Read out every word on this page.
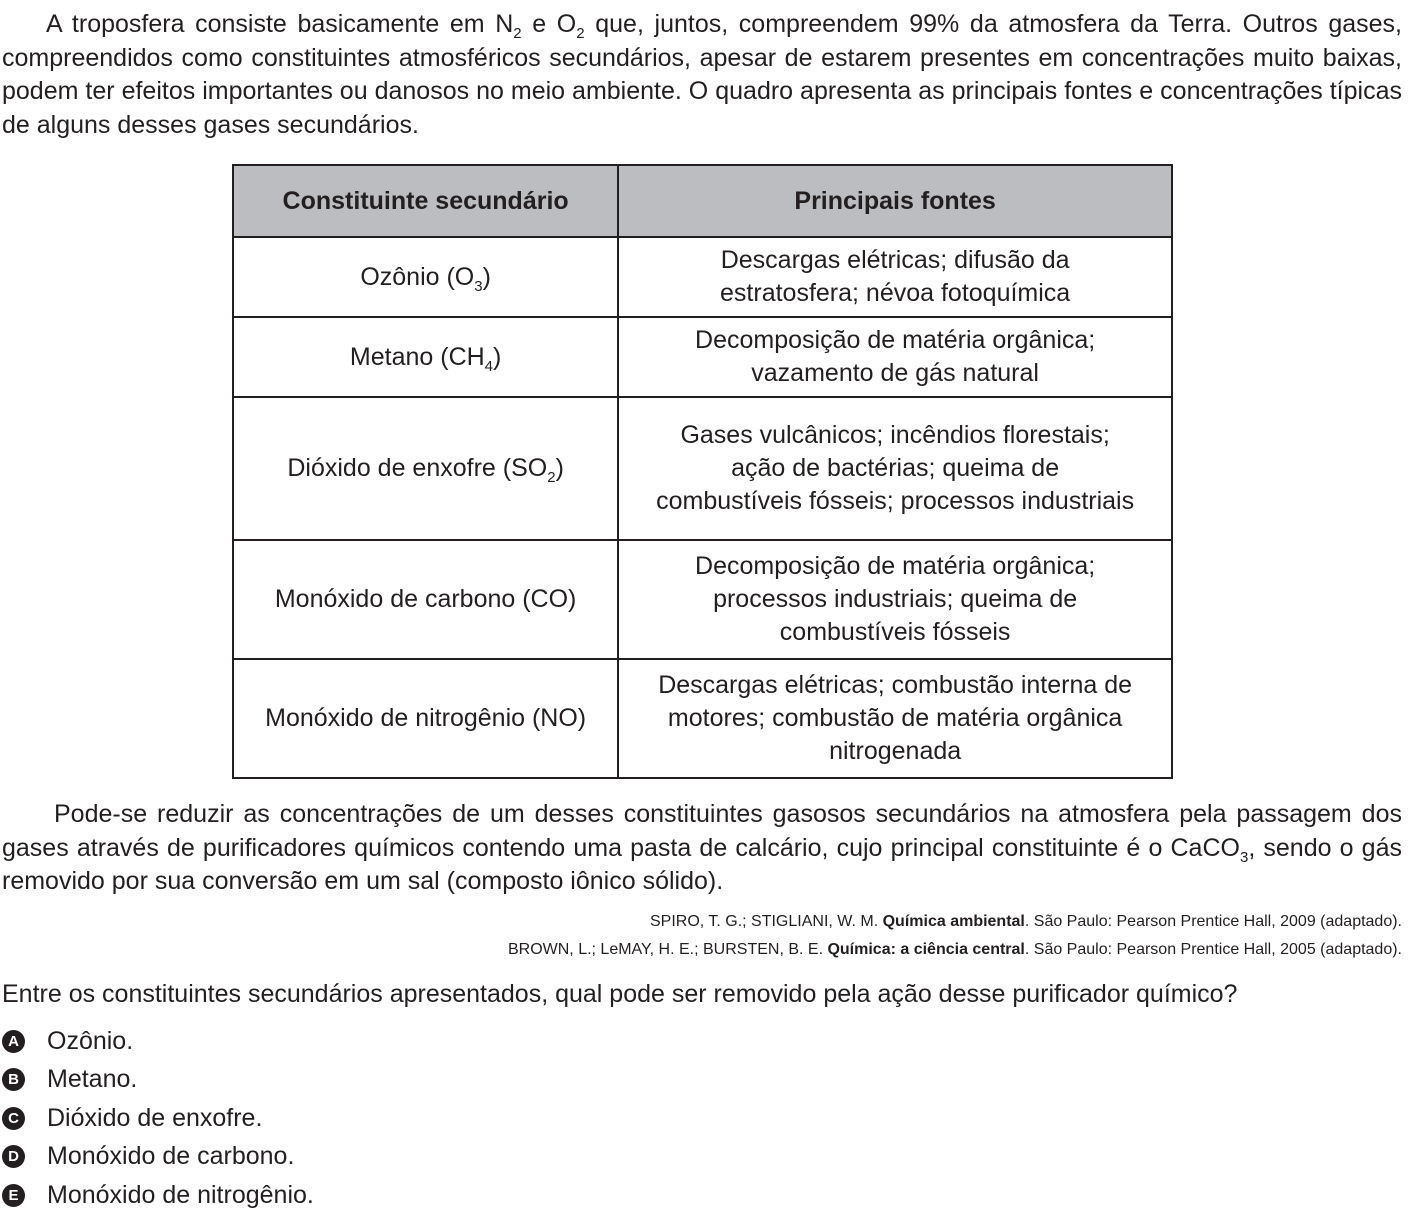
A troposfera consiste basicamente em $N_2$ e $O_2$ que, juntos, compreendem 99% da atmosfera da Terra. Outros gases, compreendidos como constituintes atmosféricos secundários, apesar de estarem presentes em concentrações muito baixas, podem ter efeitos importantes ou danosos no meio ambiente. O quadro apresenta as principais fontes e concentrações típicas de alguns desses gases secundários.

Constituinte secundário	Principais fontes
Ozônio $(O_3)$	Descargas elétricas; difusão da
estratosfera; névoa fotoquímica
Metano $(CH_4)$	Decomposição de matéria orgânica;
vazamento de gás natural
Dióxido de enxofre $(SO_2)$	Gases vulcânicos; incêndios florestais;
ação de bactérias; queima de
combustíveis fósseis; processos industriais
Monóxido de carbono (CO)	Decomposição de matéria orgânica;
processos industriais; queima de
combustíveis fósseis
Monóxido de nitrogênio (NO)	Descargas elétricas; combustão interna de
motores; combustão de matéria orgânica
nitrogenada

Pode-se reduzir as concentrações de um desses constituintes gasosos secundários na atmosfera pela passagem dos gases através de purificadores químicos contendo uma pasta de calcário, cujo principal constituinte é o CaCO$_3$, sendo o gás removido por sua conversão em um sal (composto iônico sólido).

SPIRO, T. G.; STIGLIANI, W. M. Química ambiental. São Paulo: Pearson Prentice Hall, 2009 (adaptado).
BROWN, L.; LeMAY, H. E.; BURSTEN, B. E. Química: a ciência central. São Paulo: Pearson Prentice Hall, 2005 (adaptado).

Entre os constituintes secundários apresentados, qual pode ser removido pela ação desse purificador químico?

A Ozônio.
B Metano.
C Dióxido de enxofre.
D Monóxido de carbono.
E Monóxido de nitrogênio.
